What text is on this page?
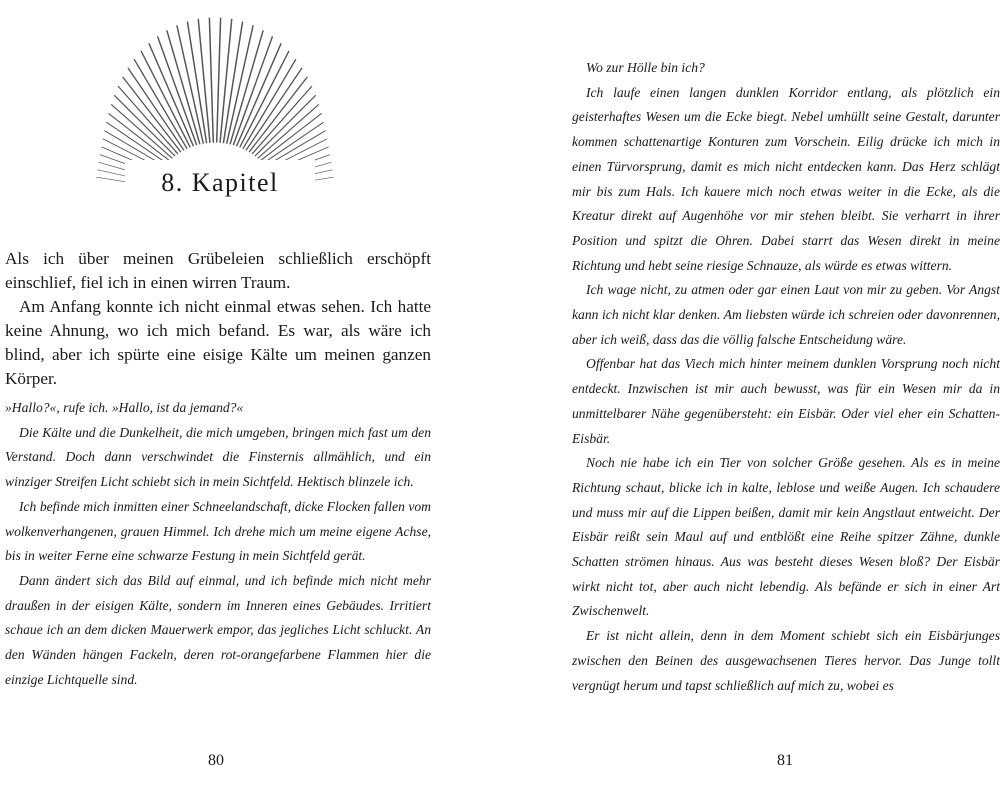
8. Kapitel

Als ich über meinen Grübeleien schließlich erschöpft einschlief, fiel ich in einen wirren Traum.

Am Anfang konnte ich nicht einmal etwas sehen. Ich hatte keine Ahnung, wo ich mich befand. Es war, als wäre ich blind, aber ich spürte eine eisige Kälte um meinen ganzen Körper.

»Hallo?«, rufe ich. »Hallo, ist da jemand?«

Die Kälte und die Dunkelheit, die mich umgeben, bringen mich fast um den Verstand. Doch dann verschwindet die Finsternis allmählich, und ein winziger Streifen Licht schiebt sich in mein Sichtfeld. Hektisch blinzele ich.

Ich befinde mich inmitten einer Schneelandschaft, dicke Flocken fallen vom wolkenverhangenen, grauen Himmel. Ich drehe mich um meine eigene Achse, bis in weiter Ferne eine schwarze Festung in mein Sichtfeld gerät.

Dann ändert sich das Bild auf einmal, und ich befinde mich nicht mehr draußen in der eisigen Kälte, sondern im Inneren eines Gebäudes. Irritiert schaue ich an dem dicken Mauerwerk empor, das jegliches Licht schluckt. An den Wänden hängen Fackeln, deren rot-orangefarbene Flammen hier die einzige Lichtquelle sind.

80

Wo zur Hölle bin ich?

Ich laufe einen langen dunklen Korridor entlang, als plötzlich ein geisterhaftes Wesen um die Ecke biegt. Nebel umhüllt seine Gestalt, darunter kommen schattenartige Konturen zum Vorschein. Eilig drücke ich mich in einen Türvorsprung, damit es mich nicht entdecken kann. Das Herz schlägt mir bis zum Hals. Ich kauere mich noch etwas weiter in die Ecke, als die Kreatur direkt auf Augenhöhe vor mir stehen bleibt. Sie verharrt in ihrer Position und spitzt die Ohren. Dabei starrt das Wesen direkt in meine Richtung und hebt seine riesige Schnauze, als würde es etwas wittern.

Ich wage nicht, zu atmen oder gar einen Laut von mir zu geben. Vor Angst kann ich nicht klar denken. Am liebsten würde ich schreien oder davonrennen, aber ich weiß, dass das die völlig falsche Entscheidung wäre.

Offenbar hat das Viech mich hinter meinem dunklen Vorsprung noch nicht entdeckt. Inzwischen ist mir auch bewusst, was für ein Wesen mir da in unmittelbarer Nähe gegenübersteht: ein Eisbär. Oder viel eher ein Schatten-Eisbär.

Noch nie habe ich ein Tier von solcher Größe gesehen. Als es in meine Richtung schaut, blicke ich in kalte, leblose und weiße Augen. Ich schaudere und muss mir auf die Lippen beißen, damit mir kein Angstlaut entweicht. Der Eisbär reißt sein Maul auf und entblößt eine Reihe spitzer Zähne, dunkle Schatten strömen hinaus. Aus was besteht dieses Wesen bloß? Der Eisbär wirkt nicht tot, aber auch nicht lebendig. Als befände er sich in einer Art Zwischenwelt.

Er ist nicht allein, denn in dem Moment schiebt sich ein Eisbärjunges zwischen den Beinen des ausgewachsenen Tieres hervor. Das Junge tollt vergnügt herum und tapst schließlich auf mich zu, wobei es

81
